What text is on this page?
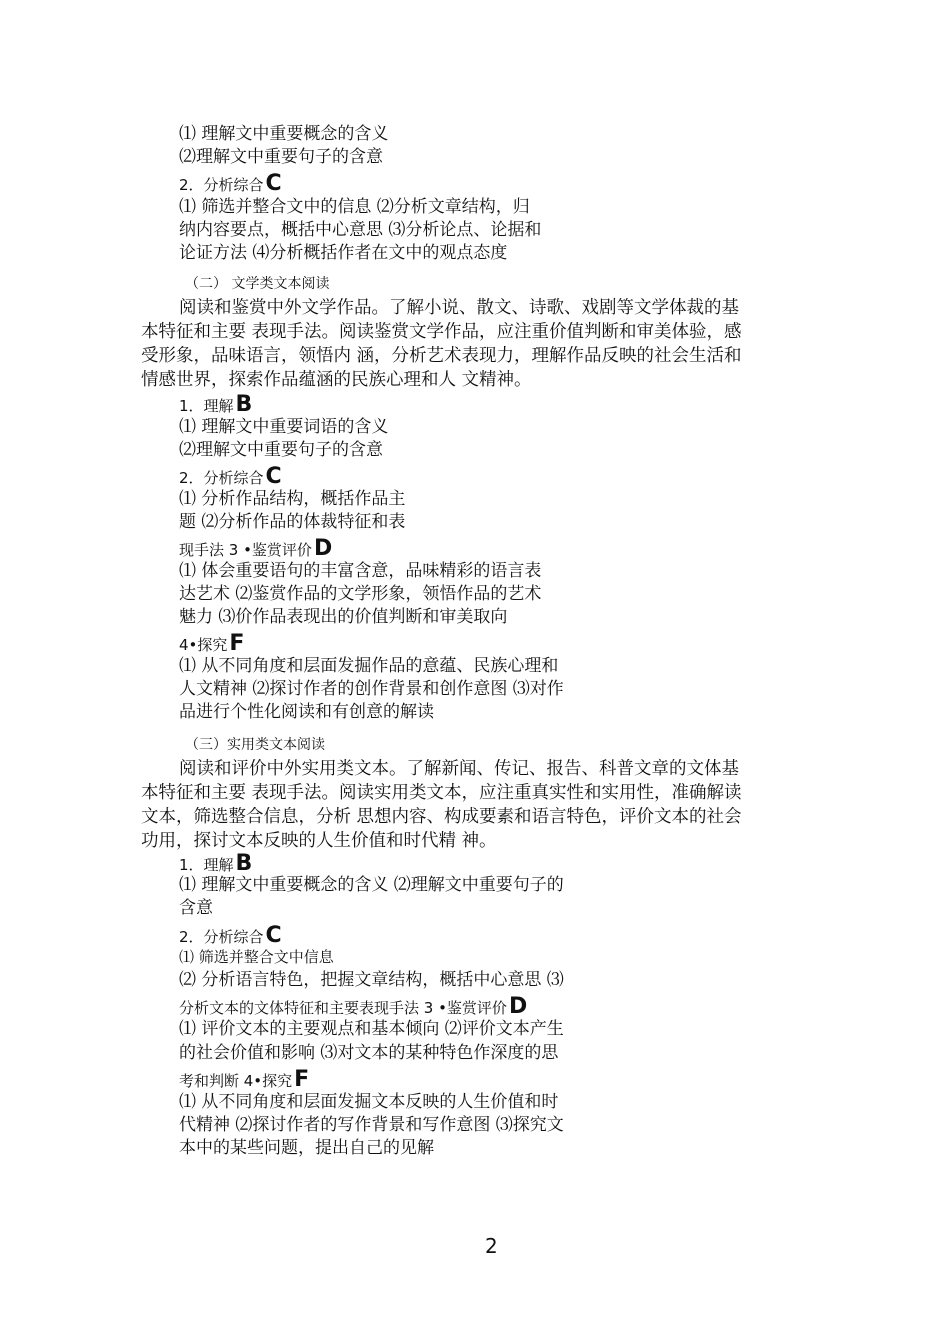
⑴ 理解文中重要概念的含义
⑵理解文中重要句子的含意
2．分析综合C
⑴ 筛选并整合文中的信息 ⑵分析文章结构，归
纳内容要点，概括中心意思 ⑶分析论点、论据和
论证方法 ⑷分析概括作者在文中的观点态度
（二） 文学类文本阅读
阅读和鉴赏中外文学作品。了解小说、散文、诗歌、戏剧等文学体裁的基
本特征和主要 表现手法。阅读鉴赏文学作品，应注重价值判断和审美体验，感
受形象，品味语言，领悟内 涵，分析艺术表现力，理解作品反映的社会生活和
情感世界，探索作品蕴涵的民族心理和人 文精神。
1．理解B
⑴ 理解文中重要词语的含义
⑵理解文中重要句子的含意
2．分析综合C
⑴ 分析作品结构，概括作品主
题 ⑵分析作品的体裁特征和表
现手法 3 •鉴赏评价D
⑴ 体会重要语句的丰富含意，品味精彩的语言表
达艺术 ⑵鉴赏作品的文学形象，领悟作品的艺术
魅力 ⑶价作品表现出的价值判断和审美取向
4•探究F
⑴ 从不同角度和层面发掘作品的意蕴、民族心理和
人文精神 ⑵探讨作者的创作背景和创作意图 ⑶对作
品进行个性化阅读和有创意的解读
（三）实用类文本阅读
阅读和评价中外实用类文本。了解新闻、传记、报告、科普文章的文体基
本特征和主要 表现手法。阅读实用类文本，应注重真实性和实用性，准确解读
文本，筛选整合信息，分析 思想内容、构成要素和语言特色，评价文本的社会
功用，探讨文本反映的人生价值和时代精 神。
1．理解B
⑴ 理解文中重要概念的含义 ⑵理解文中重要句子的
含意
2．分析综合C
⑴ 筛选并整合文中信息
⑵ 分析语言特色，把握文章结构，概括中心意思 ⑶
分析文本的文体特征和主要表现手法 3 •鉴赏评价D
⑴ 评价文本的主要观点和基本倾向 ⑵评价文本产生
的社会价值和影响 ⑶对文本的某种特色作深度的思
考和判断 4•探究F
⑴ 从不同角度和层面发掘文本反映的人生价值和时
代精神 ⑵探讨作者的写作背景和写作意图 ⑶探究文
本中的某些问题，提出自己的见解
2
